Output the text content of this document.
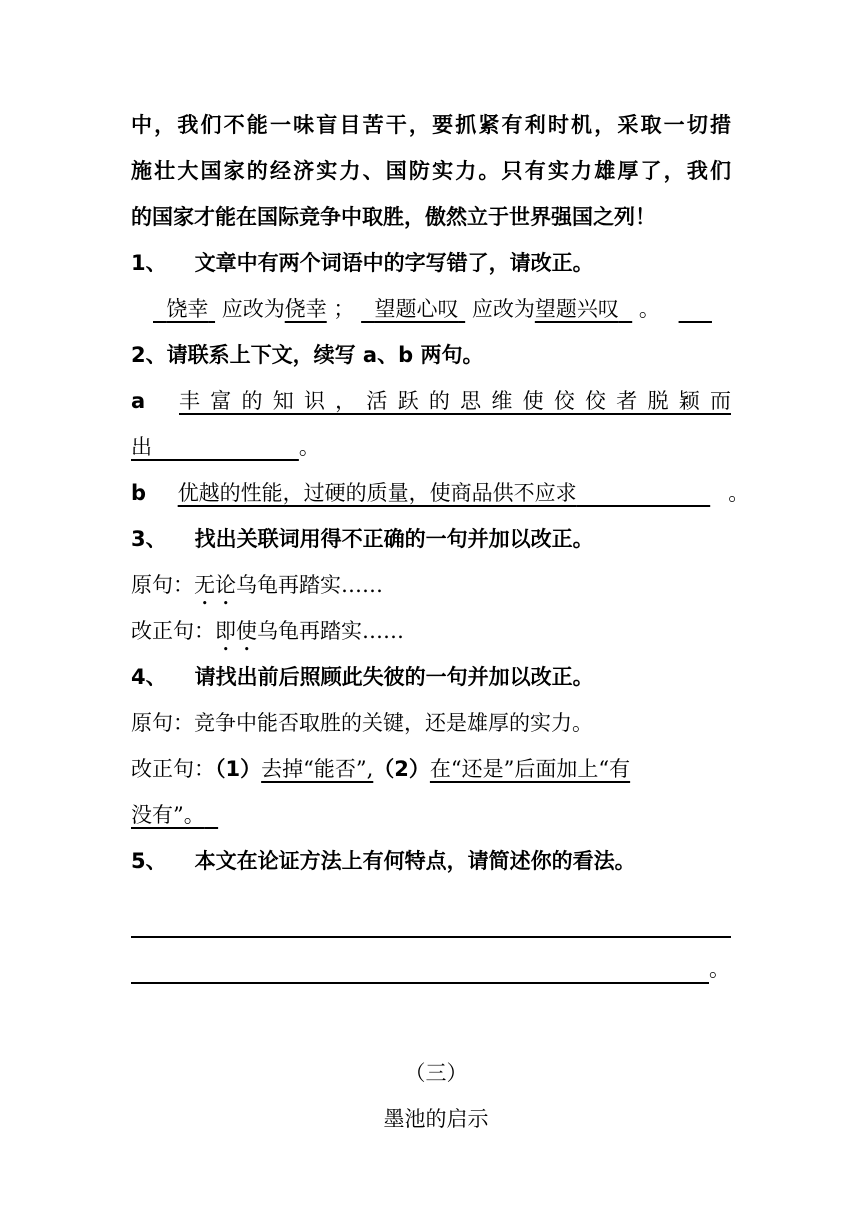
中，我们不能一味盲目苦干，要抓紧有利时机，采取一切措
施壮大国家的经济实力、国防实力。只有实力雄厚了，我们
的国家才能在国际竞争中取胜，傲然立于世界强国之列！
1、 文章中有两个词语中的字写错了，请改正。
饶幸 应改为侥幸 ； 望题心叹 应改为望题兴叹 。
2、请联系上下文，续写 a、b 两句。
a	丰富的知识，活跃的思维使佼佼者脱颖而
出	。
b 优越的性能，过硬的质量，使商品供不应求	。
3、 找出关联词用得不正确的一句并加以改正。
原句：无论乌龟再踏实……
改正句：即使乌龟再踏实……
4、 请找出前后照顾此失彼的一句并加以改正。
原句：竞争中能否取胜的关键，还是雄厚的实力。
改正句：（1）去掉“能否”,（2）在“还是”后面加上“有
没有”。
5、 本文在论证方法上有何特点，请简述你的看法。
。
（三）
墨池的启示
